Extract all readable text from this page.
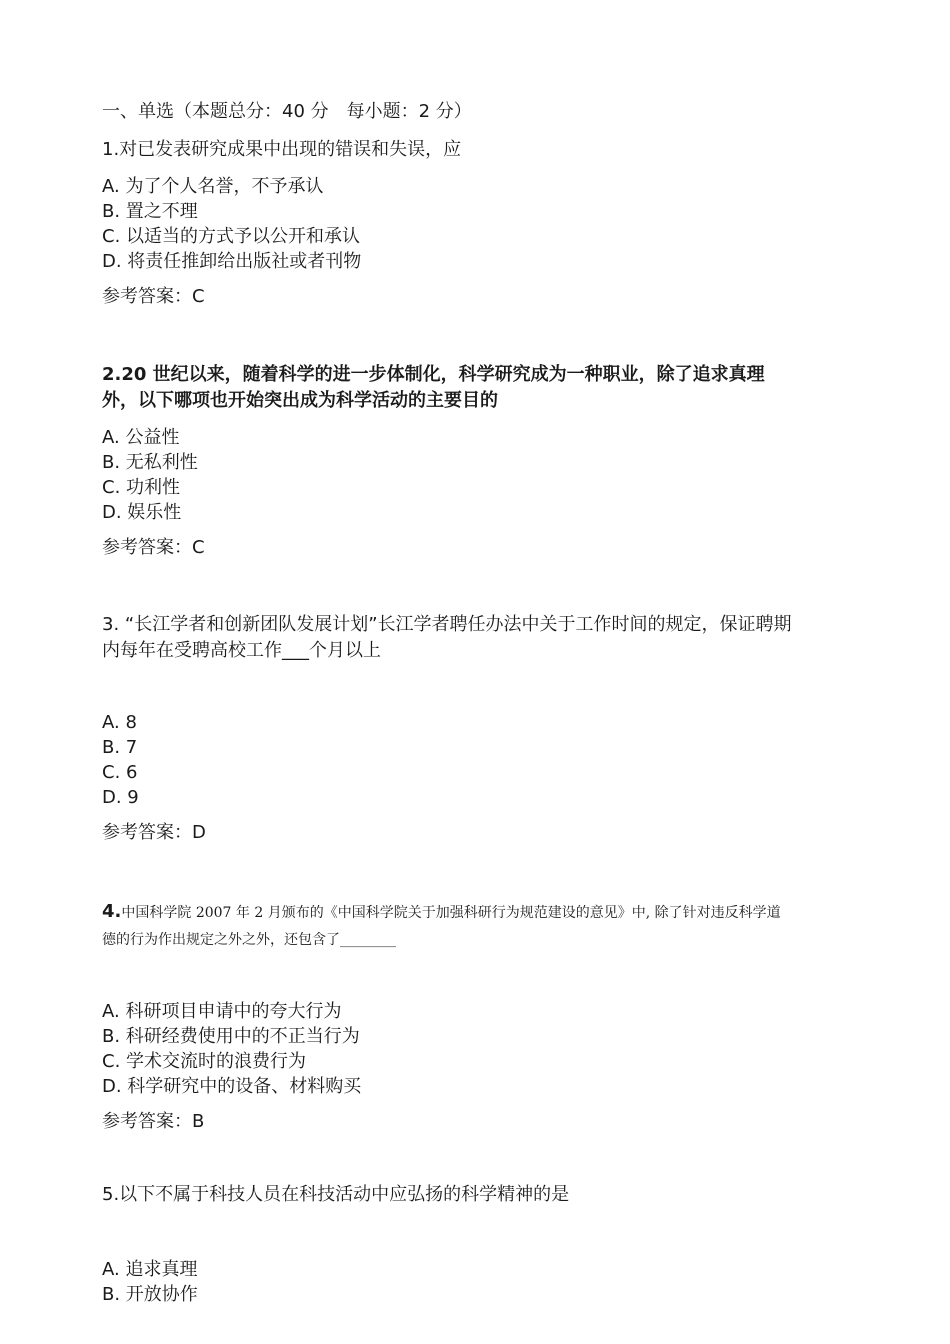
一、单选（本题总分：40 分　每小题：2 分）

1.对已发表研究成果中出现的错误和失误，应

A. 为了个人名誉，不予承认
B. 置之不理
C. 以适当的方式予以公开和承认
D. 将责任推卸给出版社或者刊物
参考答案：C

2.20 世纪以来，随着科学的进一步体制化，科学研究成为一种职业，除了追求真理外，以下哪项也开始突出成为科学活动的主要目的

A. 公益性
B. 无私利性
C. 功利性
D. 娱乐性
参考答案：C

3. “长江学者和创新团队发展计划”长江学者聘任办法中关于工作时间的规定，保证聘期内每年在受聘高校工作___个月以上

A. 8
B. 7
C. 6
D. 9
参考答案：D

4.中国科学院 2007 年 2 月颁布的《中国科学院关于加强科研行为规范建设的意见》中, 除了针对违反科学道德的行为作出规定之外之外，还包含了________

A. 科研项目申请中的夸大行为
B. 科研经费使用中的不正当行为
C. 学术交流时的浪费行为
D. 科学研究中的设备、材料购买
参考答案：B

5.以下不属于科技人员在科技活动中应弘扬的科学精神的是

A. 追求真理
B. 开放协作
